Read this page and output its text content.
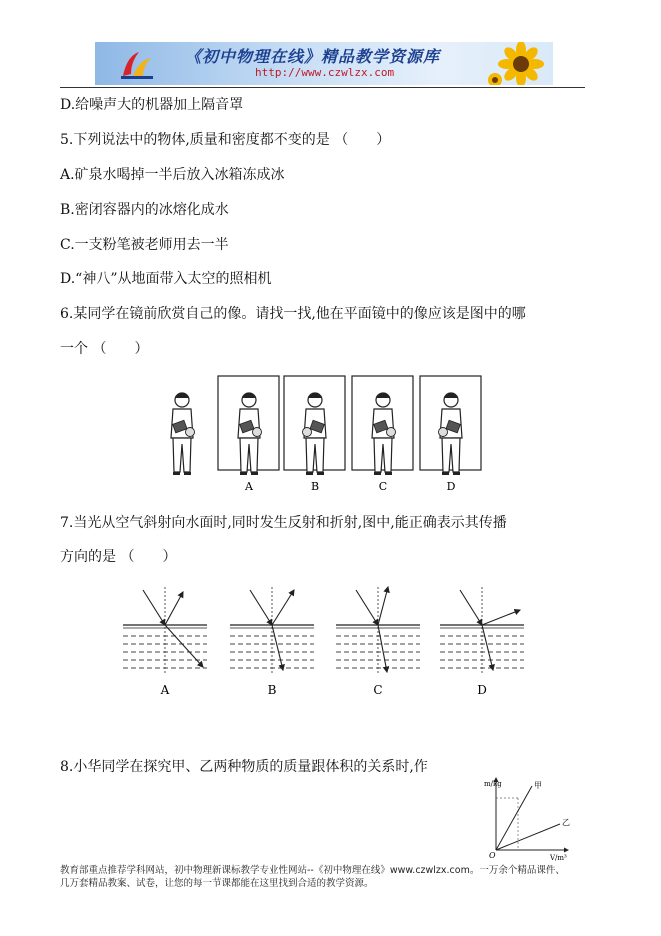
《初中物理在线》精品教学资源库
http://www.czwlzx.com
D.给噪声大的机器加上隔音罩
5.下列说法中的物体,质量和密度都不变的是 （　　）
A.矿泉水喝掉一半后放入冰箱冻成冰
B.密闭容器内的冰熔化成水
C.一支粉笔被老师用去一半
D.“神八”从地面带入太空的照相机
6.某同学在镜前欣赏自己的像。请找一找,他在平面镜中的像应该是图中的哪
一个 （　　）
A	B	C	D
7.当光从空气斜射向水面时,同时发生反射和折射,图中,能正确表示其传播
方向的是 （　　）
A	B	C	D
8.小华同学在探究甲、乙两种物质的质量跟体积的关系时,作
m/kg
V/m³
O
甲
乙
教育部重点推荐学科网站，初中物理新课标教学专业性网站--《初中物理在线》www.czwlzx.com。一万余个精品课件、
几万套精品教案、试卷，让您的每一节课都能在这里找到合适的教学资源。
